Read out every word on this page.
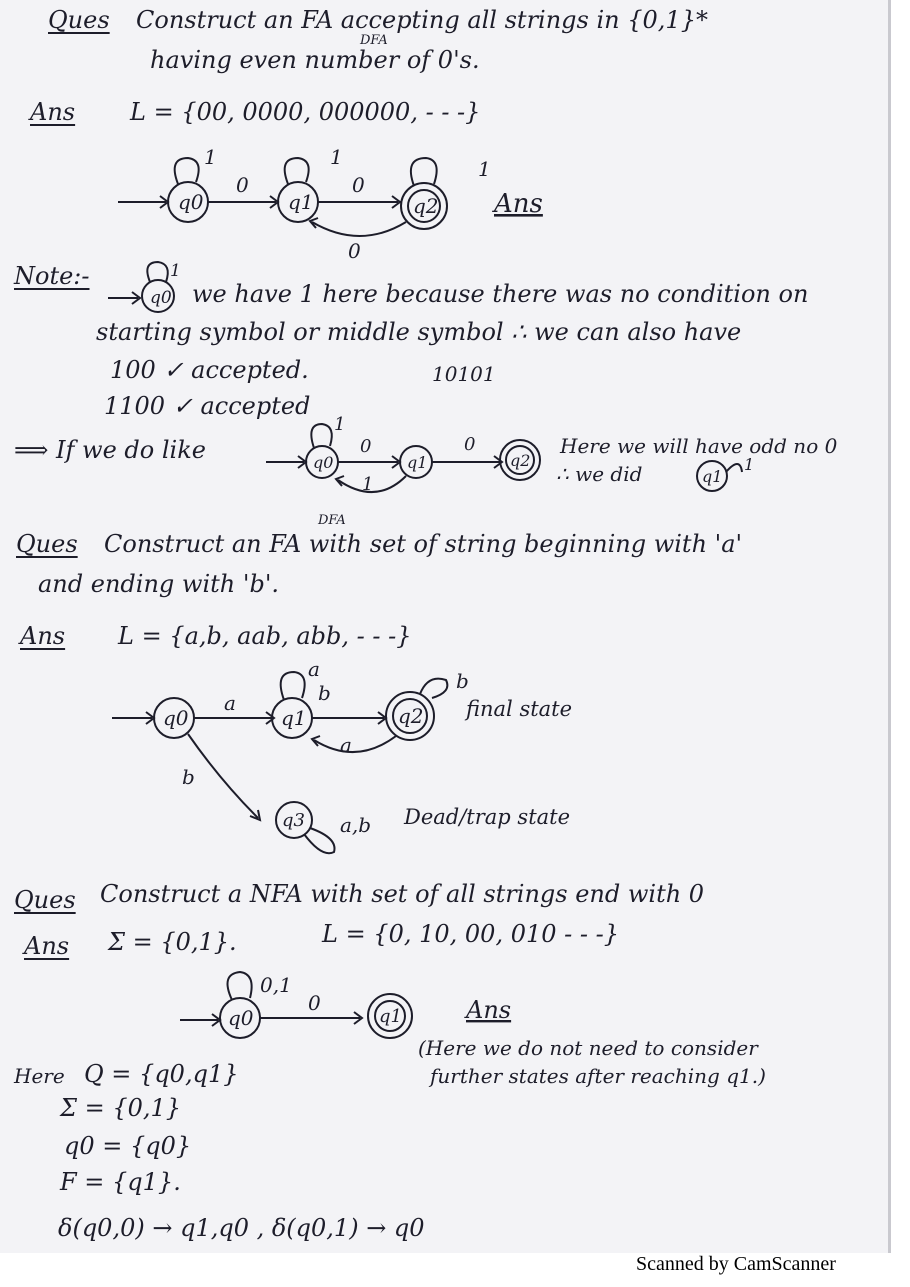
Ques Construct an FA accepting all strings in {0,1}*
DFA
having even number of 0's.
Ans L = {00, 0000, 000000, - - -}
q0	q1	q2
1	1	1
0	0
0
Ans
Note:-
q0
1
we have 1 here because there was no condition on
starting symbol or middle symbol ∴ we can also have
100 ✓ accepted.	10101
1100 ✓ accepted
⟹ If we do like	q0	q1	q2
1
0	0
1
Here we will have odd no 0
∴ we did	q1
1
Ques Construct an FA with set of string beginning with 'a'
DFA
and ending with 'b'.
Ans L = {a,b, aab, abb, - - -}
q0	q1	q2
q3
a
b	b
a
a
b
final state
a,b Dead/trap state
Ques Construct a NFA with set of all strings end with 0
Ans Σ = {0,1}.	L = {0, 10, 00, 010 - - -}
q0	q1
0,1
0	Ans
(Here we do not need to consider
further states after reaching q1.)
Here Q = {q0,q1}
Σ = {0,1}
q0 = {q0}
F = {q1}.
δ(q0,0) → q1,q0 , δ(q0,1) → q0
Scanned by CamScanner
